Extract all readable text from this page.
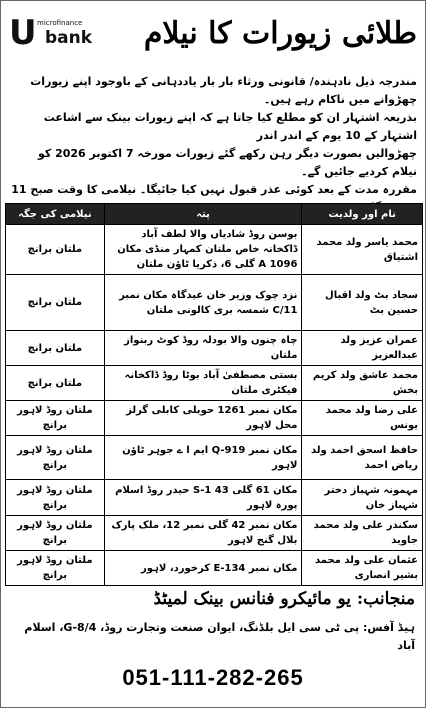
U microfinance
bank	طلائی زیورات کا نیلام

مندرجہ ذیل نادہندہ/ قانونی ورثاء بار بار یاددہانی کے باوجود اپنے زیورات چھڑوانے میں ناکام رہے ہیں۔

بذریعہ اشتہار ان کو مطلع کیا جاتا ہے کہ اپنے زیورات بینک سے اشاعت اشتہار کے 10 یوم کے اندر اندر

چھڑوالیں بصورت دیگر رہن رکھے گئے زیورات مورخہ 7 اکتوبر 2026 کو نیلام کردیے جائیں گے۔

مقررہ مدت کے بعد کوئی عذر قبول نہیں کیا جائیگا۔ نیلامی کا وقت صبح 11

نام اور ولدیت	پتہ	نیلامی کی جگہ
محمد یاسر ولد محمد اشتیاق	بوسن روڈ شادیاں والا لطف آباد ڈاکخانہ خاص ملتان کمہار منڈی مکان A 1096 گلی 6، ذکریا ٹاؤن ملتان	ملتان برانچ
سجاد بٹ ولد اقبال حسین بٹ	نزد چوک وزیر خان عیدگاہ مکان نمبر 11/C شمسہ بری کالونی ملتان	ملتان برانچ
عمران عزیز ولد عبدالعزیز	چاہ چنوں والا بودلہ روڈ کوٹ ربنواز ملتان	ملتان برانچ
محمد عاشق ولد کریم بخش	بستی مصطفیٰ آباد بوٹا روڈ ڈاکخانہ فیکٹری ملتان	ملتان برانچ
علی رضا ولد محمد یونس	مکان نمبر 1261 حویلی کابلی گرلز محل لاہور	ملتان روڈ لاہور برانچ
حافظ اسحق احمد ولد ریاض احمد	مکان نمبر Q-919 ایم ا ے جوہر ٹاؤن لاہور	ملتان روڈ لاہور برانچ
مہمونہ شہباز دختر شہباز خان	مکان 61 گلی 43 S-1 حیدر روڈ اسلام پورہ لاہور	ملتان روڈ لاہور برانچ
سکندر علی ولد محمد جاوید	مکان نمبر 42 گلی نمبر 12، ملک پارک بلال گنج لاہور	ملتان روڈ لاہور برانچ
عثمان علی ولد محمد بشیر انصاری	مکان نمبر E-134 کرخورد، لاہور	ملتان روڈ لاہور برانچ
منجانب: یو مائیکرو فنانس بینک لمیٹڈ
ہیڈ آفس: پی ٹی سی ایل بلڈنگ، ایوان صنعت وتجارت روڈ، G-8/4، اسلام آباد
051-111-282-265
